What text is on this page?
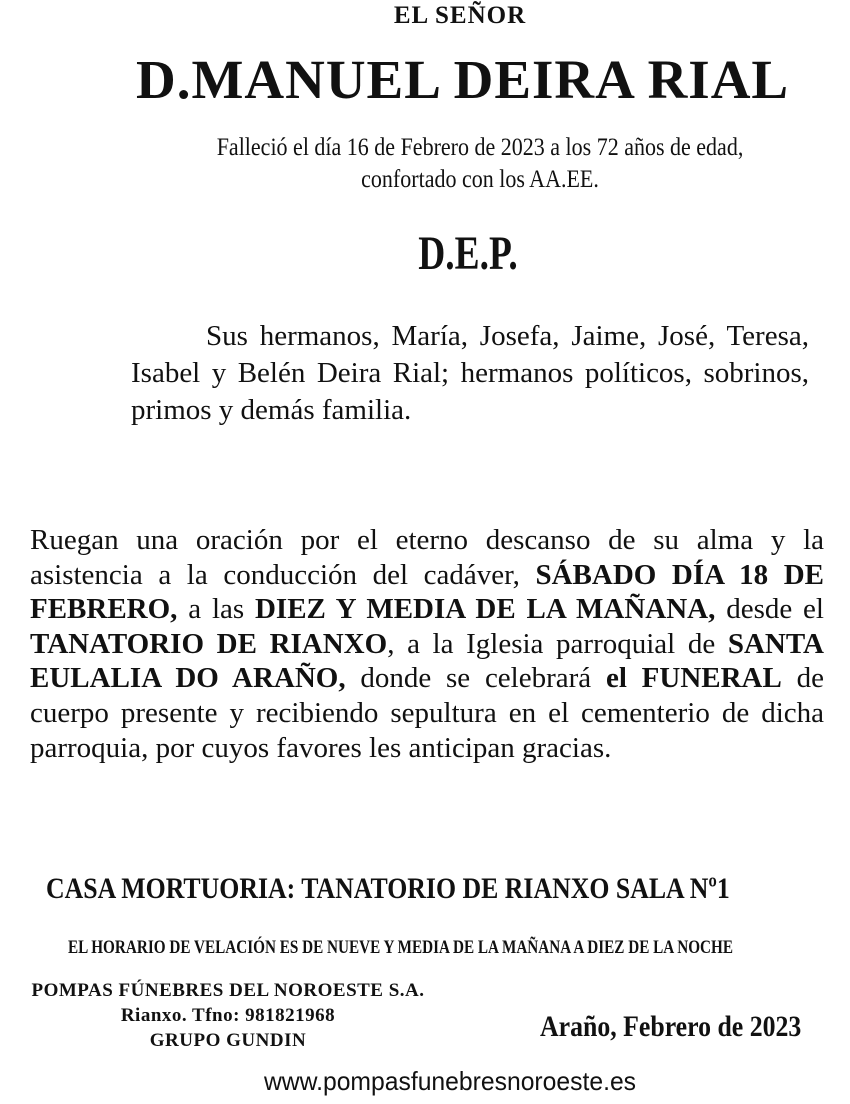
EL SEÑOR
D.MANUEL DEIRA RIAL
Falleció el día 16 de Febrero de 2023 a los 72 años de edad,
confortado con los AA.EE.
D.E.P.
Sus hermanos, María, Josefa, Jaime, José, Teresa, Isabel y Belén Deira Rial; hermanos políticos, sobrinos, primos y demás familia.
Ruegan una oración por el eterno descanso de su alma y la asistencia a la conducción del cadáver, SÁBADO DÍA 18 DE FEBRERO, a las DIEZ Y MEDIA DE LA MAÑANA, desde el TANATORIO DE RIANXO, a la Iglesia parroquial de SANTA EULALIA DO ARAÑO, donde se celebrará el FUNERAL de cuerpo presente y recibiendo sepultura en el cementerio de dicha parroquia, por cuyos favores les anticipan gracias.
CASA MORTUORIA: TANATORIO DE RIANXO SALA Nº1
EL HORARIO DE VELACIÓN ES DE NUEVE Y MEDIA DE LA MAÑANA A DIEZ DE LA NOCHE
POMPAS FÚNEBRES DEL NOROESTE S.A.
Rianxo. Tfno: 981821968
GRUPO GUNDIN	Araño, Febrero de 2023
www.pompasfunebresnoroeste.es
